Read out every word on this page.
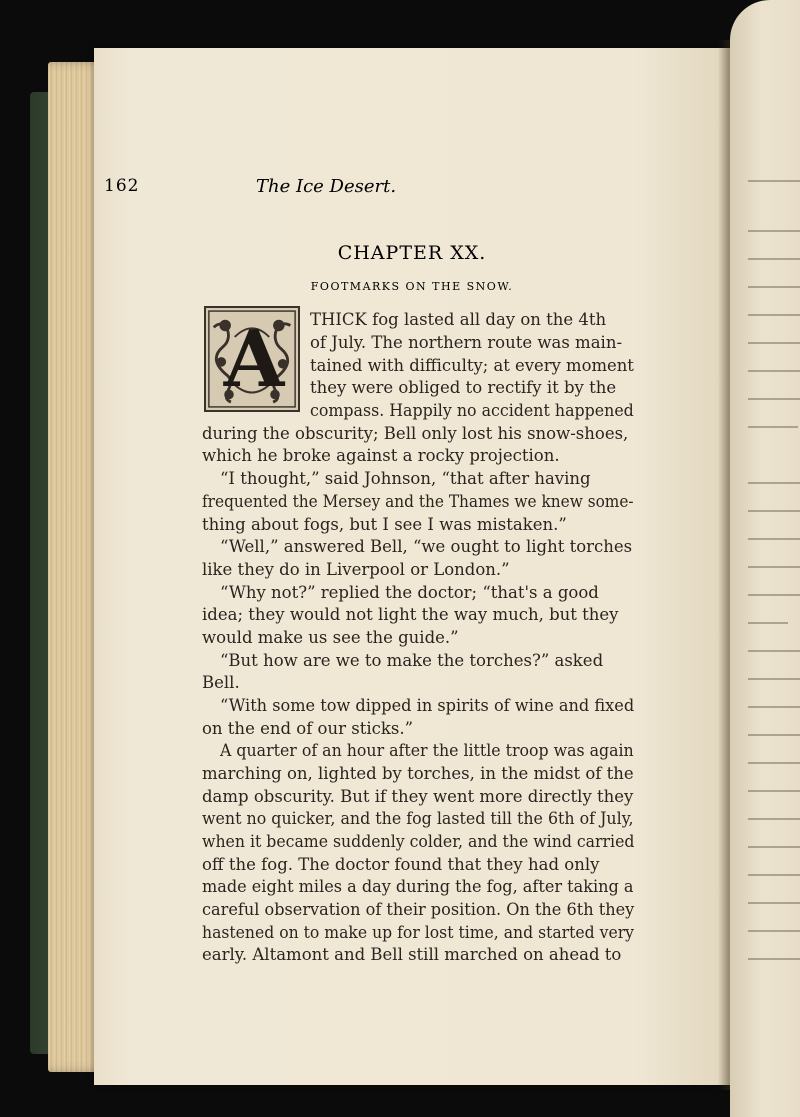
162	The Ice Desert.
CHAPTER XX.
FOOTMARKS ON THE SNOW.
A	THICK fog lasted all day on the 4th
of July. The northern route was main-
tained with difficulty; at every moment
they were obliged to rectify it by the
compass. Happily no accident happened
during the obscurity; Bell only lost his snow-shoes,
which he broke against a rocky projection.
“I thought,” said Johnson, “that after having
frequented the Mersey and the Thames we knew some-
thing about fogs, but I see I was mistaken.”
“Well,” answered Bell, “we ought to light torches
like they do in Liverpool or London.”
“Why not?” replied the doctor; “that's a good
idea; they would not light the way much, but they
would make us see the guide.”
“But how are we to make the torches?” asked
Bell.
“With some tow dipped in spirits of wine and fixed
on the end of our sticks.”
A quarter of an hour after the little troop was again
marching on, lighted by torches, in the midst of the
damp obscurity. But if they went more directly they
went no quicker, and the fog lasted till the 6th of July,
when it became suddenly colder, and the wind carried
off the fog. The doctor found that they had only
made eight miles a day during the fog, after taking a
careful observation of their position. On the 6th they
hastened on to make up for lost time, and started very
early. Altamont and Bell still marched on ahead to
